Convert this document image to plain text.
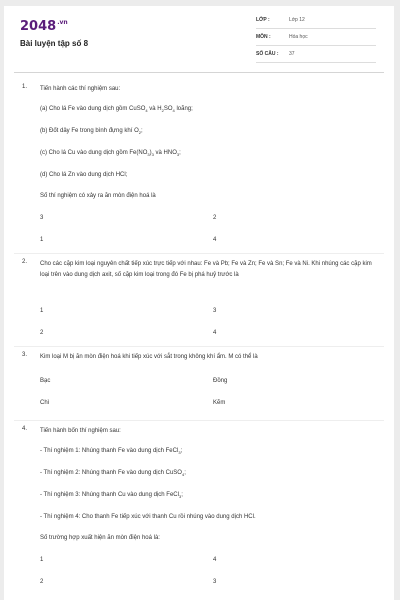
$2048^{.vn}$
Bài luyện tập số 8
LỚP :	Lớp 12
MÔN :	Hóa học
SỐ CÂU : 37
1. Tiến hành các thí nghiệm sau:
(a) Cho lá Fe vào dung dịch gồm CuSO$_4$ và $H_2SO_4$ loãng;
(b) Đốt dây Fe trong bình đựng khí $O_2$;
(c) Cho lá Cu vào dung dịch gồm $Fe(NO_3)_3$ và $HNO_3$;
(d) Cho lá Zn vào dung dịch HCl;
Số thí nghiệm có xảy ra ăn mòn điện hoá là
3	2
1	4
2. Cho các cặp kim loại nguyên chất tiếp xúc trực tiếp với nhau: Fe và Pb; Fe và Zn; Fe và Sn; Fe và Ni. Khi nhúng các cặp kim loại trên vào dung dịch axit, số cặp kim loại trong đó Fe bị phá huỷ trước là
1	3
2	4
3. Kim loại M bị ăn mòn điện hoá khi tiếp xúc với sắt trong không khí ẩm. M có thể là
Bạc	Đồng
Chì	Kẽm
4. Tiến hành bốn thí nghiệm sau:
- Thí nghiệm 1: Nhúng thanh Fe vào dung dịch FeCl$_3$;
- Thí nghiệm 2: Nhúng thanh Fe vào dung dịch CuSO$_4$;
- Thí nghiệm 3: Nhúng thanh Cu vào dung dịch FeCl$_3$;
- Thí nghiệm 4: Cho thanh Fe tiếp xúc với thanh Cu rồi nhúng vào dung dịch HCl.
Số trường hợp xuất hiện ăn mòn điện hoá là:
1	4
2	3
